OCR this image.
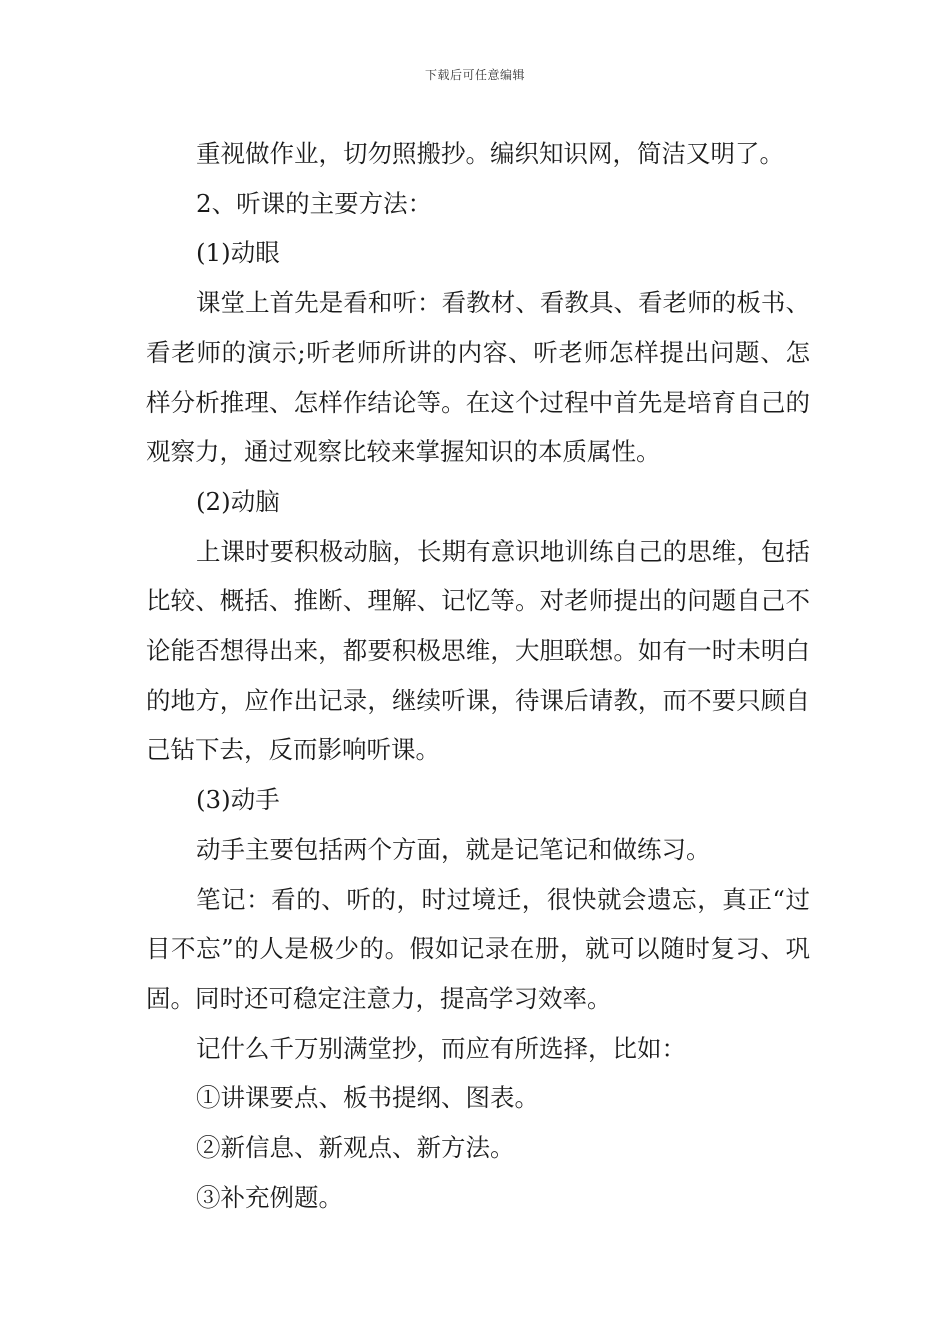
下载后可任意编辑

重视做作业，切勿照搬抄。编织知识网，简洁又明了。

2、听课的主要方法：

(1)动眼

课堂上首先是看和听：看教材、看教具、看老师的板书、看老师的演示;听老师所讲的内容、听老师怎样提出问题、怎样分析推理、怎样作结论等。在这个过程中首先是培育自己的观察力，通过观察比较来掌握知识的本质属性。

(2)动脑

上课时要积极动脑，长期有意识地训练自己的思维，包括比较、概括、推断、理解、记忆等。对老师提出的问题自己不论能否想得出来，都要积极思维，大胆联想。如有一时未明白的地方，应作出记录，继续听课，待课后请教，而不要只顾自己钻下去，反而影响听课。

(3)动手

动手主要包括两个方面，就是记笔记和做练习。

笔记：看的、听的，时过境迁，很快就会遗忘，真正“过目不忘”的人是极少的。假如记录在册，就可以随时复习、巩固。同时还可稳定注意力，提高学习效率。

记什么千万别满堂抄，而应有所选择，比如：

①讲课要点、板书提纲、图表。

②新信息、新观点、新方法。

③补充例题。
